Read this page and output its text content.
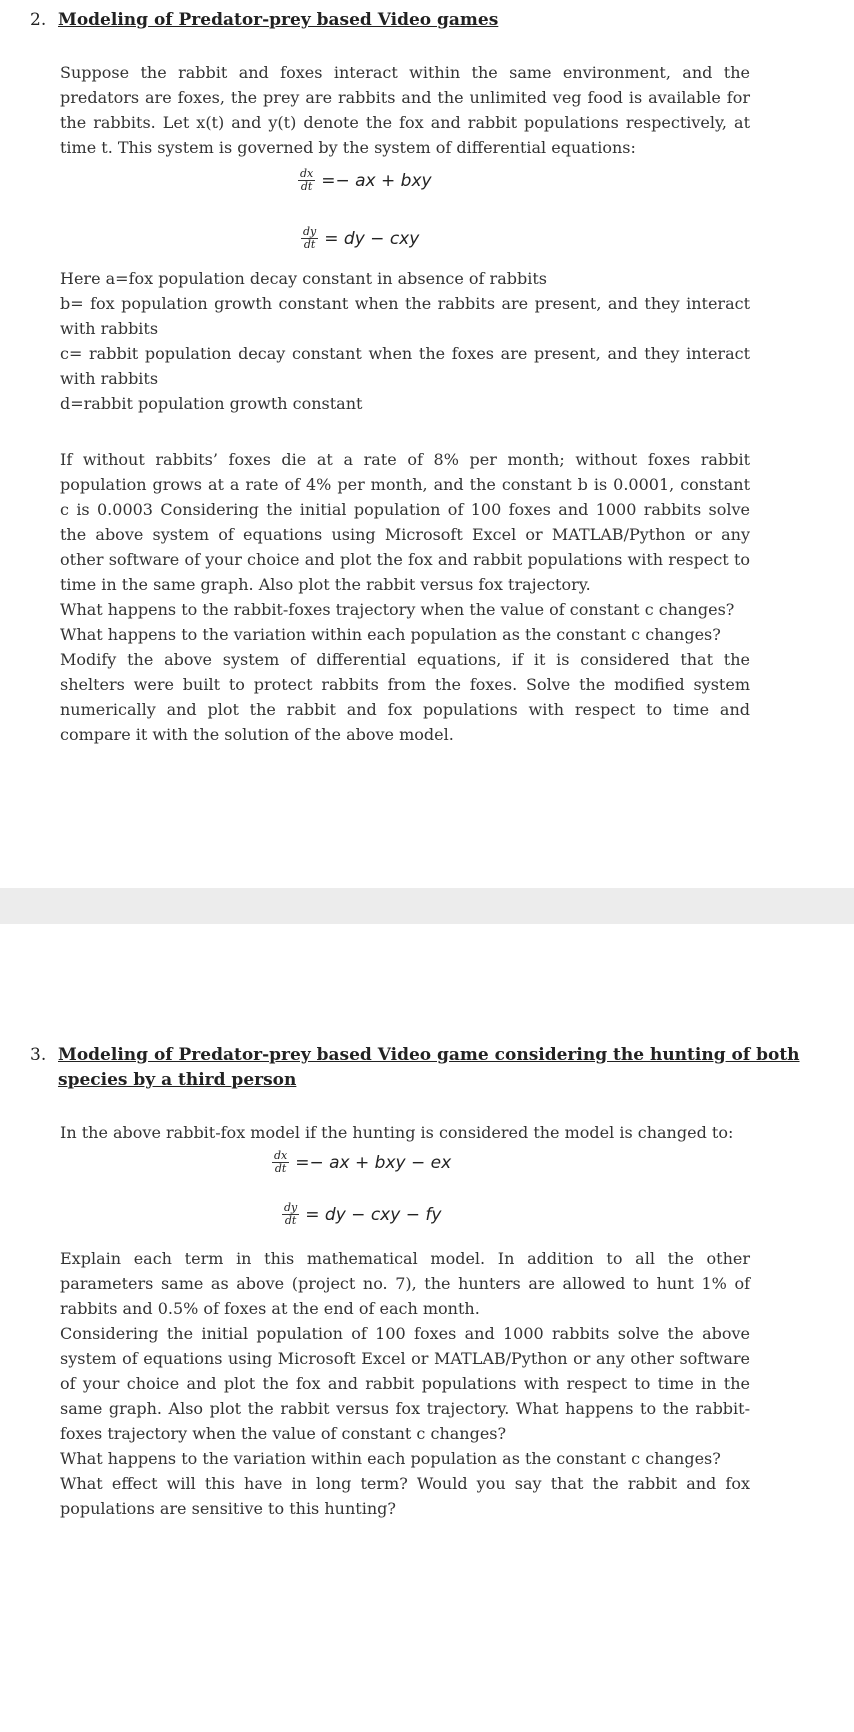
2. Modeling of Predator-prey based Video games

Suppose the rabbit and foxes interact within the same environment, and the predators are foxes, the prey are rabbits and the unlimited veg food is available for the rabbits. Let x(t) and y(t) denote the fox and rabbit populations respectively, at time t. This system is governed by the system of differential equations:

$\frac{dx}{dt}$ =− ax + bxy
$\frac{dy}{dt}$ = dy − cxy

Here a=fox population decay constant in absence of rabbits
b= fox population growth constant when the rabbits are present, and they interact with rabbits
c= rabbit population decay constant when the foxes are present, and they interact with rabbits
d=rabbit population growth constant

If without rabbits’ foxes die at a rate of 8% per month; without foxes rabbit population grows at a rate of 4% per month, and the constant b is 0.0001, constant c is 0.0003 Considering the initial population of 100 foxes and 1000 rabbits solve the above system of equations using Microsoft Excel or MATLAB/Python or any other software of your choice and plot the fox and rabbit populations with respect to time in the same graph. Also plot the rabbit versus fox trajectory.
What happens to the rabbit-foxes trajectory when the value of constant c changes?
What happens to the variation within each population as the constant c changes?
Modify the above system of differential equations, if it is considered that the shelters were built to protect rabbits from the foxes. Solve the modified system numerically and plot the rabbit and fox populations with respect to time and compare it with the solution of the above model.

3. Modeling of Predator-prey based Video game considering the hunting of both
species by a third person

In the above rabbit-fox model if the hunting is considered the model is changed to:

$\frac{dx}{dt}$ =− ax + bxy − ex
$\frac{dy}{dt}$ = dy − cxy − fy

Explain each term in this mathematical model. In addition to all the other parameters same as above (project no. 7), the hunters are allowed to hunt 1% of rabbits and 0.5% of foxes at the end of each month.
Considering the initial population of 100 foxes and 1000 rabbits solve the above system of equations using Microsoft Excel or MATLAB/Python or any other software of your choice and plot the fox and rabbit populations with respect to time in the same graph. Also plot the rabbit versus fox trajectory. What happens to the rabbit-foxes trajectory when the value of constant c changes?
What happens to the variation within each population as the constant c changes?
What effect will this have in long term? Would you say that the rabbit and fox populations are sensitive to this hunting?
